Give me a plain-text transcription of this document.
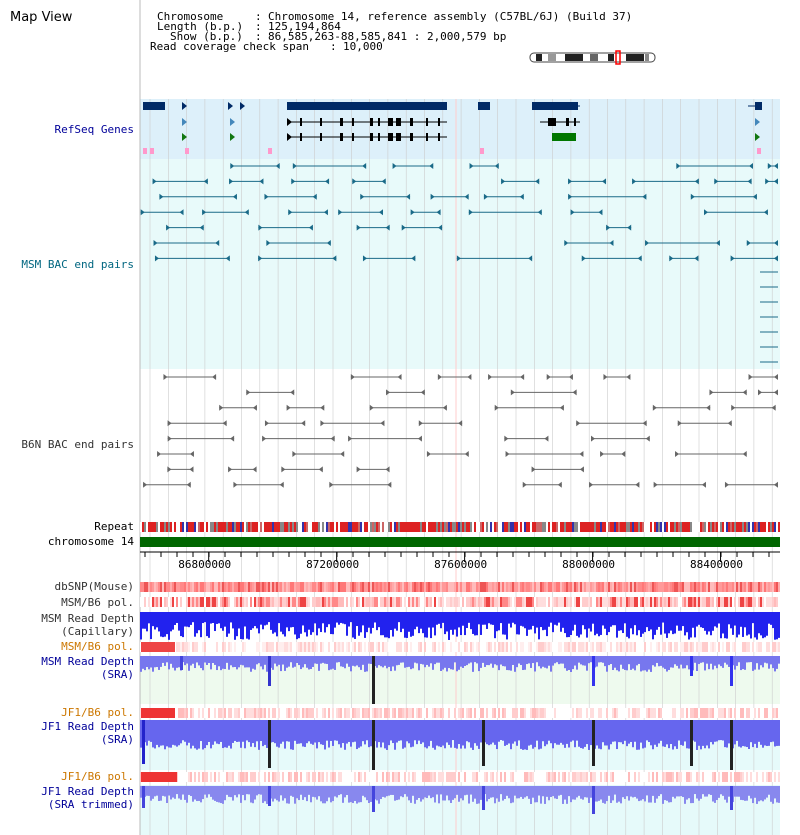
Map View	Chromosome	: Chromosome 14, reference assembly (C57BL/6J) (Build 37)
Length (b.p.) : 125,194,864
Show (b.p.) : 86,585,263-88,585,841 : 2,000,579 bp
Read coverage check span : 10,000
86800000	87200000	87600000	88000000	88400000
RefSeq Genes
MSM BAC end pairs
B6N BAC end pairs
Repeat
chromosome 14
dbSNP(Mouse)
MSM/B6 pol.
MSM Read Depth
(Capillary)
MSM/B6 pol.
MSM Read Depth
(SRA)
JF1/B6 pol.
JF1 Read Depth
(SRA)
JF1/B6 pol.
JF1 Read Depth
(SRA trimmed)
